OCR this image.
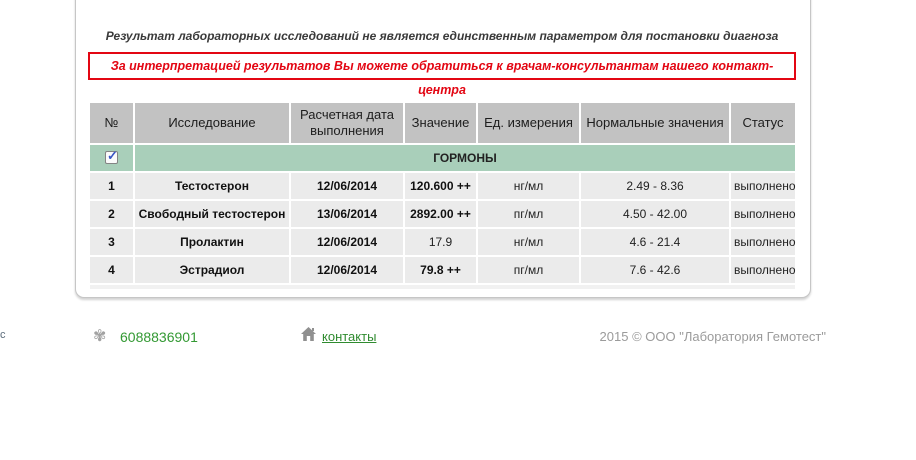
Результат лабораторных исследований не является единственным параметром для постановки диагноза
За интерпретацией результатов Вы можете обратиться к врачам-консультантам нашего контакт-центра
№	Исследование	Расчетная дата выполнения	Значение	Ед. измерения	Нормальные значения	Статус

✓	ГОРМОНЫ					
1	Тестостерон	12/06/2014	120.600 ++	нг/мл	2.49 - 8.36	выполнено
2	Свободный тестостерон	13/06/2014	2892.00 ++	пг/мл	4.50 - 42.00	выполнено
3	Пролактин	12/06/2014	17.9	нг/мл	4.6 - 21.4	выполнено
4	Эстрадиол	12/06/2014	79.8 ++	пг/мл	7.6 - 42.6	выполнено

c	✾ 6088836901	контакты	2015 © ООО "Лаборатория Гемотест"
